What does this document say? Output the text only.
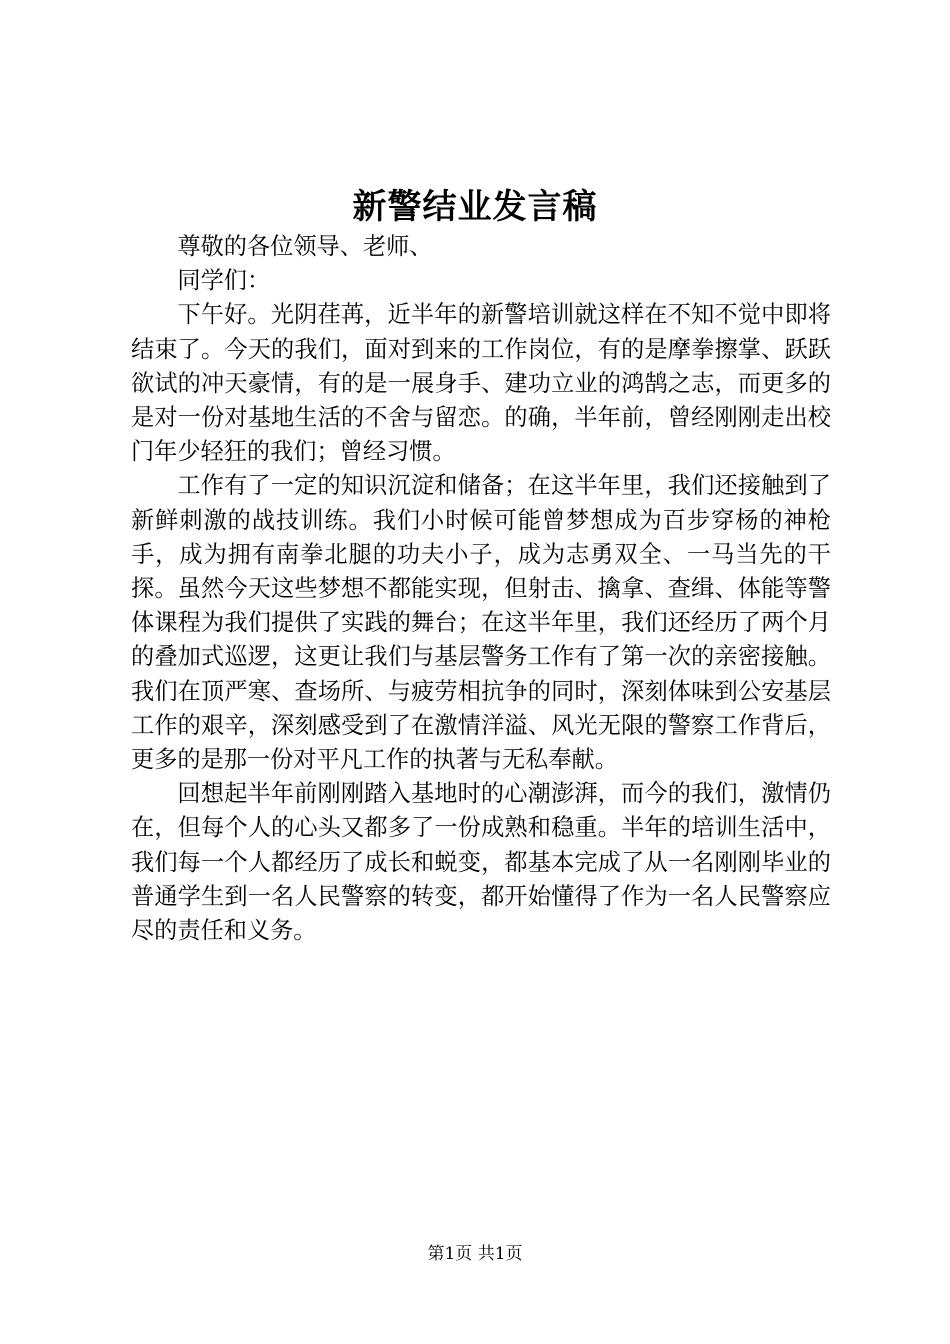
新警结业发言稿

尊敬的各位领导、老师、

同学们：

下午好。光阴荏苒，近半年的新警培训就这样在不知不觉中即将结束了。今天的我们，面对到来的工作岗位，有的是摩拳擦掌、跃跃欲试的冲天豪情，有的是一展身手、建功立业的鸿鹄之志，而更多的是对一份对基地生活的不舍与留恋。的确，半年前，曾经刚刚走出校门年少轻狂的我们；曾经习惯。

工作有了一定的知识沉淀和储备；在这半年里，我们还接触到了新鲜刺激的战技训练。我们小时候可能曾梦想成为百步穿杨的神枪手，成为拥有南拳北腿的功夫小子，成为志勇双全、一马当先的干探。虽然今天这些梦想不都能实现，但射击、擒拿、查缉、体能等警体课程为我们提供了实践的舞台；在这半年里，我们还经历了两个月的叠加式巡逻，这更让我们与基层警务工作有了第一次的亲密接触。我们在顶严寒、查场所、与疲劳相抗争的同时，深刻体味到公安基层工作的艰辛，深刻感受到了在激情洋溢、风光无限的警察工作背后，更多的是那一份对平凡工作的执著与无私奉献。

回想起半年前刚刚踏入基地时的心潮澎湃，而今的我们，激情仍在，但每个人的心头又都多了一份成熟和稳重。半年的培训生活中，我们每一个人都经历了成长和蜕变，都基本完成了从一名刚刚毕业的普通学生到一名人民警察的转变，都开始懂得了作为一名人民警察应尽的责任和义务。

第1页 共1页
